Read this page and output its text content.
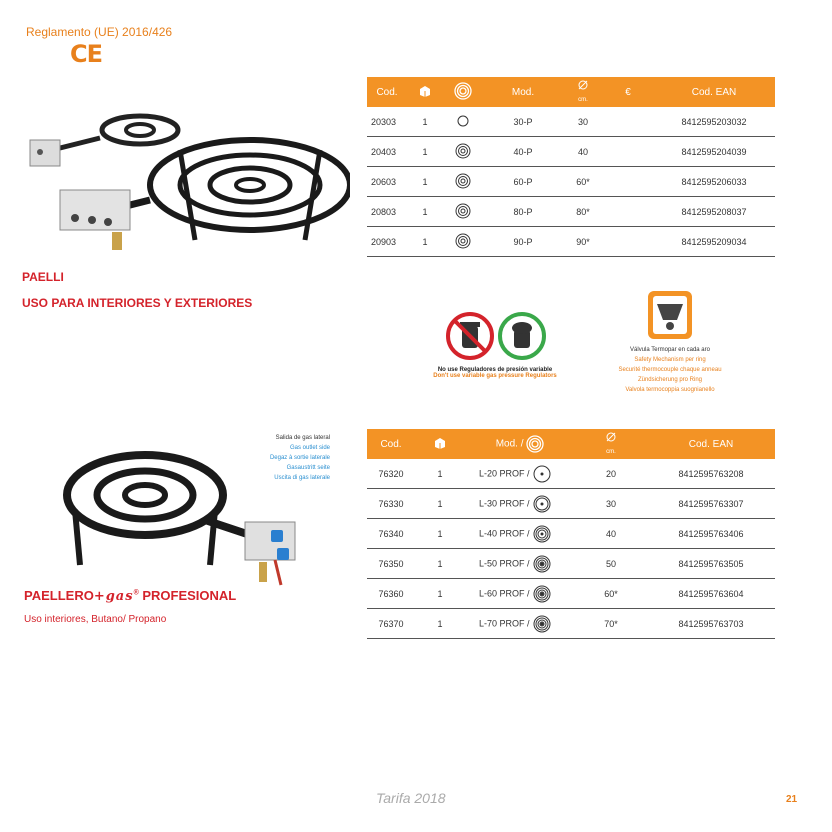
Reglamento (UE) 2016/426
CE
PAELLI
USO PARA INTERIORES Y EXTERIORES
Cod.			Mod.	cm.	€	Cod. EAN
20303	1		30-P	30		8412595203032
20403	1		40-P	40		8412595204039
20603	1		60-P	60*		8412595206033
20803	1		80-P	80*		8412595208037
20903	1		90-P	90*		8412595209034
No use Reguladores de presión variable
Don't use variable gas pressure Regulators
Válvula Termopar en cada aro
Safety Mechanism per ring
Securité thermocouple chaque anneau
Zündsicherung pro Ring
Valvola termocoppia suognianello
Salida de gas lateral
Gas outlet side
Degaz à sortie laterale
Gasaustritt seite
Uscita di gas laterale
PAELLERO+gas® PROFESIONAL
Uso interiores, Butano/ Propano
Cod.		Mod. /	cm.	Cod. EAN
76320	1	L-20 PROF /	20	8412595763208
76330	1	L-30 PROF /	30	8412595763307
76340	1	L-40 PROF /	40	8412595763406
76350	1	L-50 PROF /	50	8412595763505
76360	1	L-60 PROF /	60*	8412595763604
76370	1	L-70 PROF /	70*	8412595763703
Tarifa 2018	21
